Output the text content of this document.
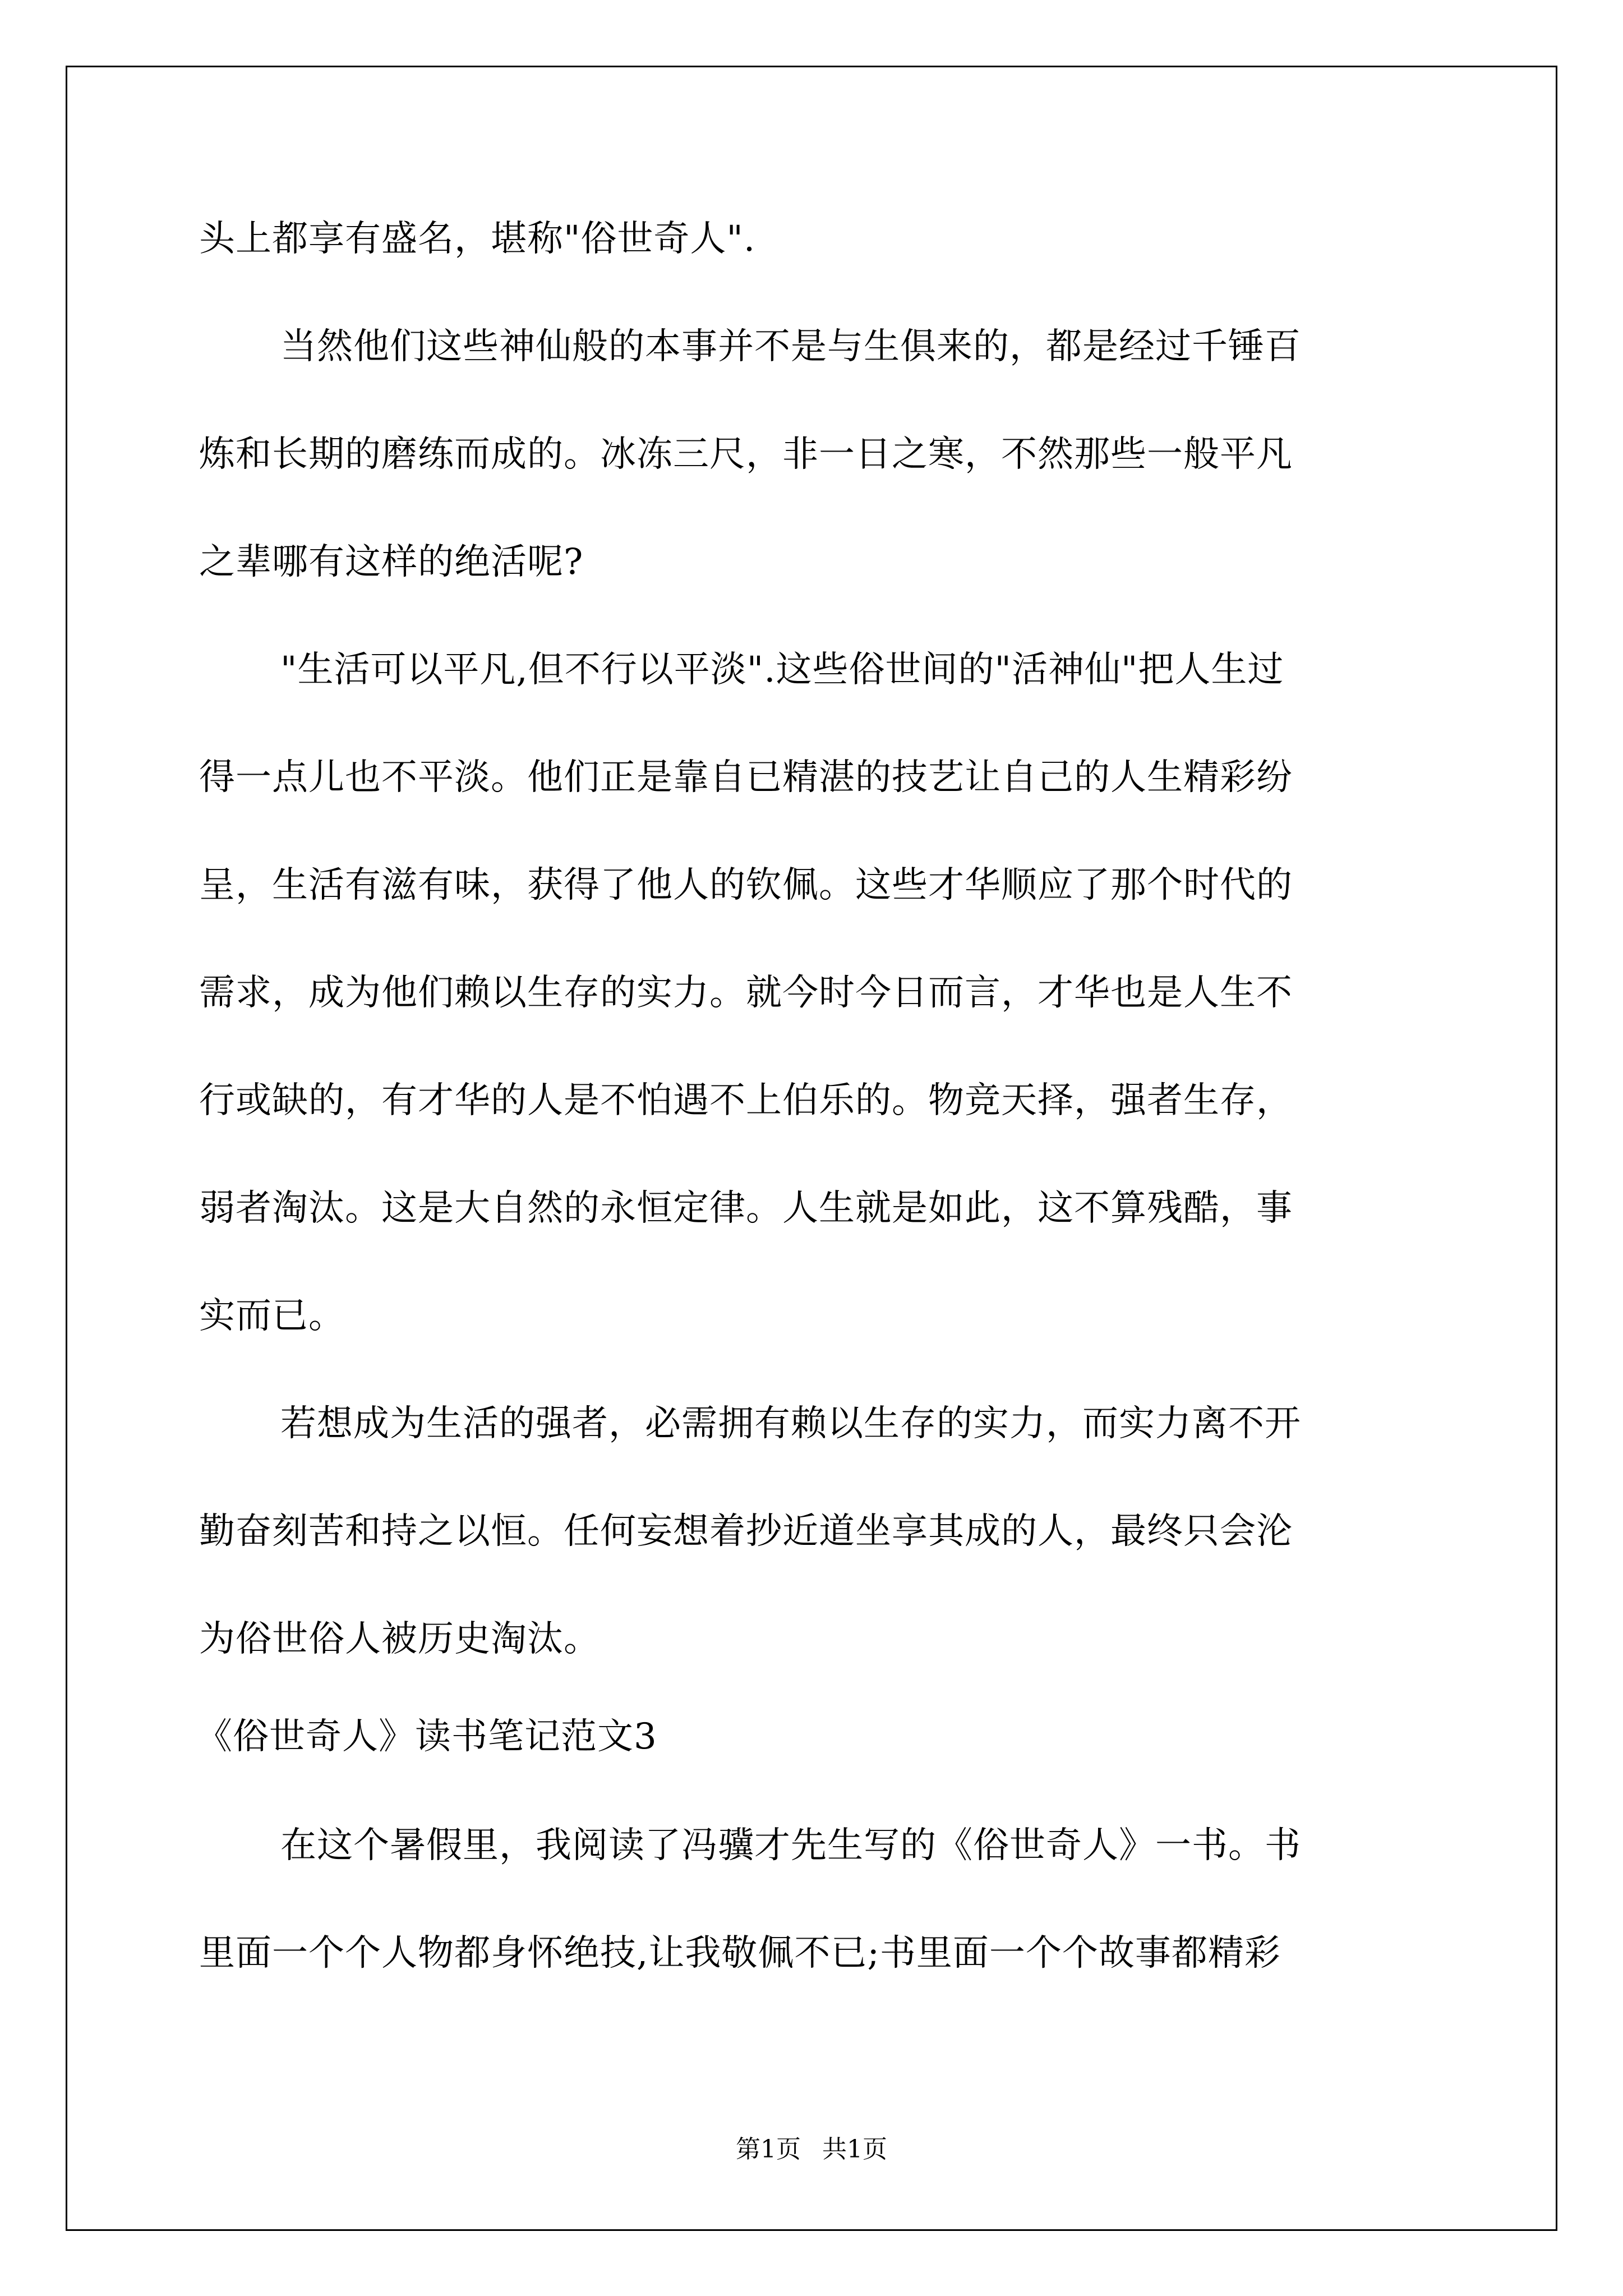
头上都享有盛名，堪称"俗世奇人".
当然他们这些神仙般的本事并不是与生俱来的，都是经过千锤百
炼和长期的磨练而成的。冰冻三尺，非一日之寒，不然那些一般平凡
之辈哪有这样的绝活呢?
"生活可以平凡,但不行以平淡".这些俗世间的"活神仙"把人生过
得一点儿也不平淡。他们正是靠自已精湛的技艺让自己的人生精彩纷
呈，生活有滋有味，获得了他人的钦佩。这些才华顺应了那个时代的
需求，成为他们赖以生存的实力。就今时今日而言，才华也是人生不
行或缺的，有才华的人是不怕遇不上伯乐的。物竞天择，强者生存，
弱者淘汰。这是大自然的永恒定律。人生就是如此，这不算残酷，事
实而已。
若想成为生活的强者，必需拥有赖以生存的实力，而实力离不开
勤奋刻苦和持之以恒。任何妄想着抄近道坐享其成的人，最终只会沦
为俗世俗人被历史淘汰。
《俗世奇人》读书笔记范文3
在这个暑假里，我阅读了冯骥才先生写的《俗世奇人》一书。书
里面一个个人物都身怀绝技,让我敬佩不已;书里面一个个故事都精彩
第1页 共1页
